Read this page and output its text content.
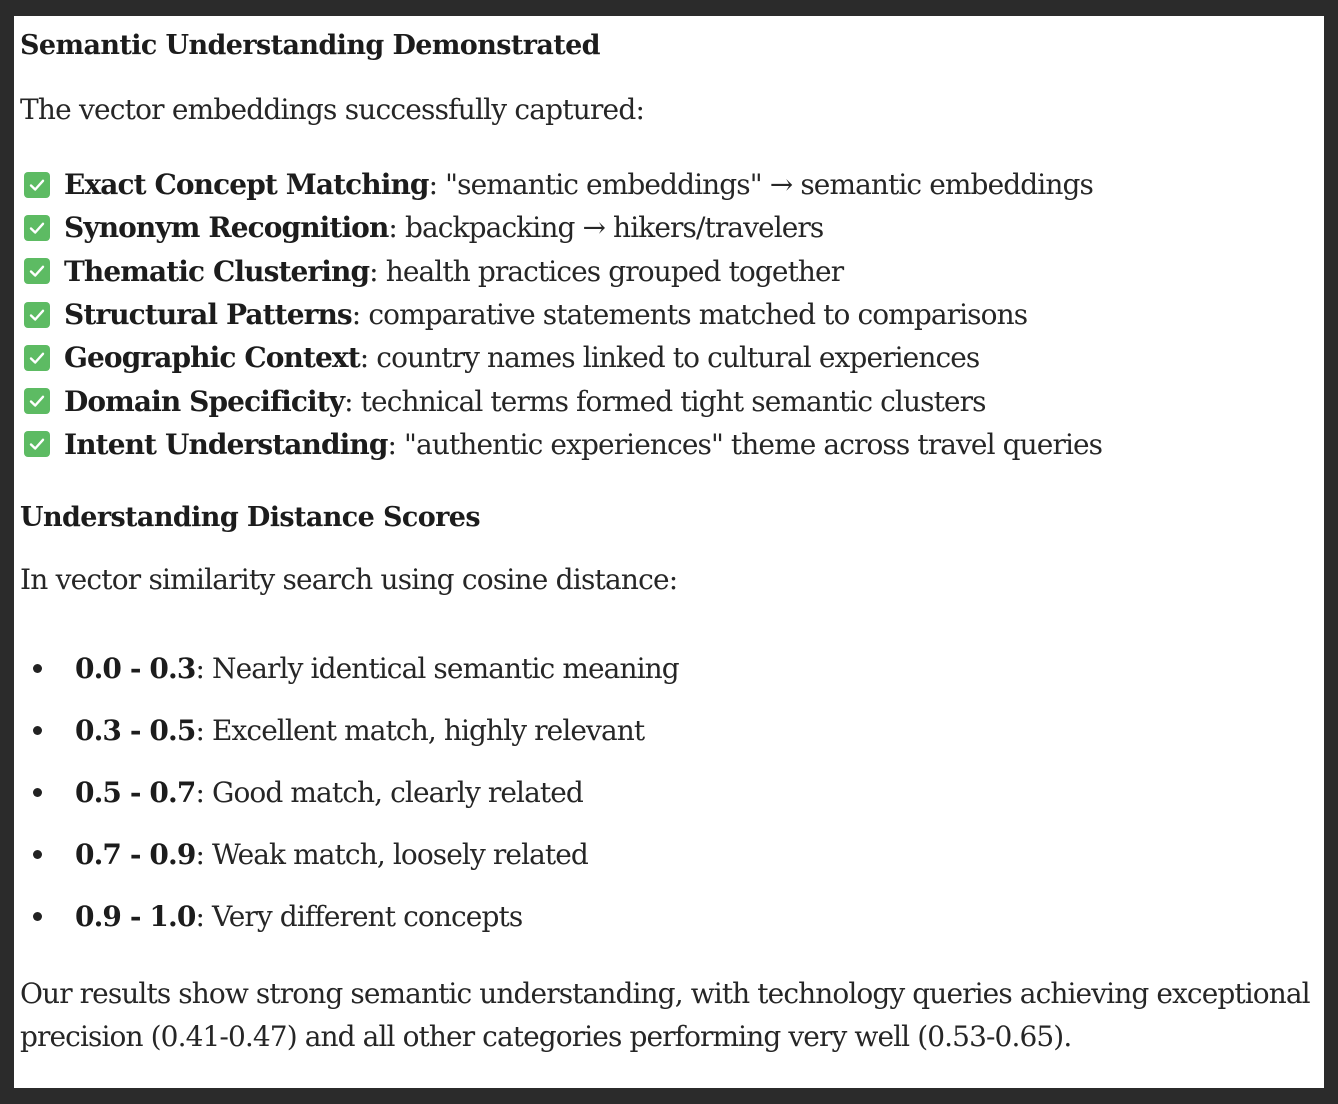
Semantic Understanding Demonstrated

The vector embeddings successfully captured:

Exact Concept Matching : "semantic embeddings" → semantic embeddings
Synonym Recognition : backpacking → hikers/travelers
Thematic Clustering : health practices grouped together
Structural Patterns : comparative statements matched to comparisons
Geographic Context : country names linked to cultural experiences
Domain Specificity : technical terms formed tight semantic clusters
Intent Understanding : "authentic experiences" theme across travel queries
Understanding Distance Scores

In vector similarity search using cosine distance:

0.0 - 0.3 : Nearly identical semantic meaning
0.3 - 0.5 : Excellent match, highly relevant
0.5 - 0.7 : Good match, clearly related
0.7 - 0.9 : Weak match, loosely related
0.9 - 1.0 : Very different concepts

Our results show strong semantic understanding, with technology queries achieving exceptional precision (0.41-0.47) and all other categories performing very well (0.53-0.65).
